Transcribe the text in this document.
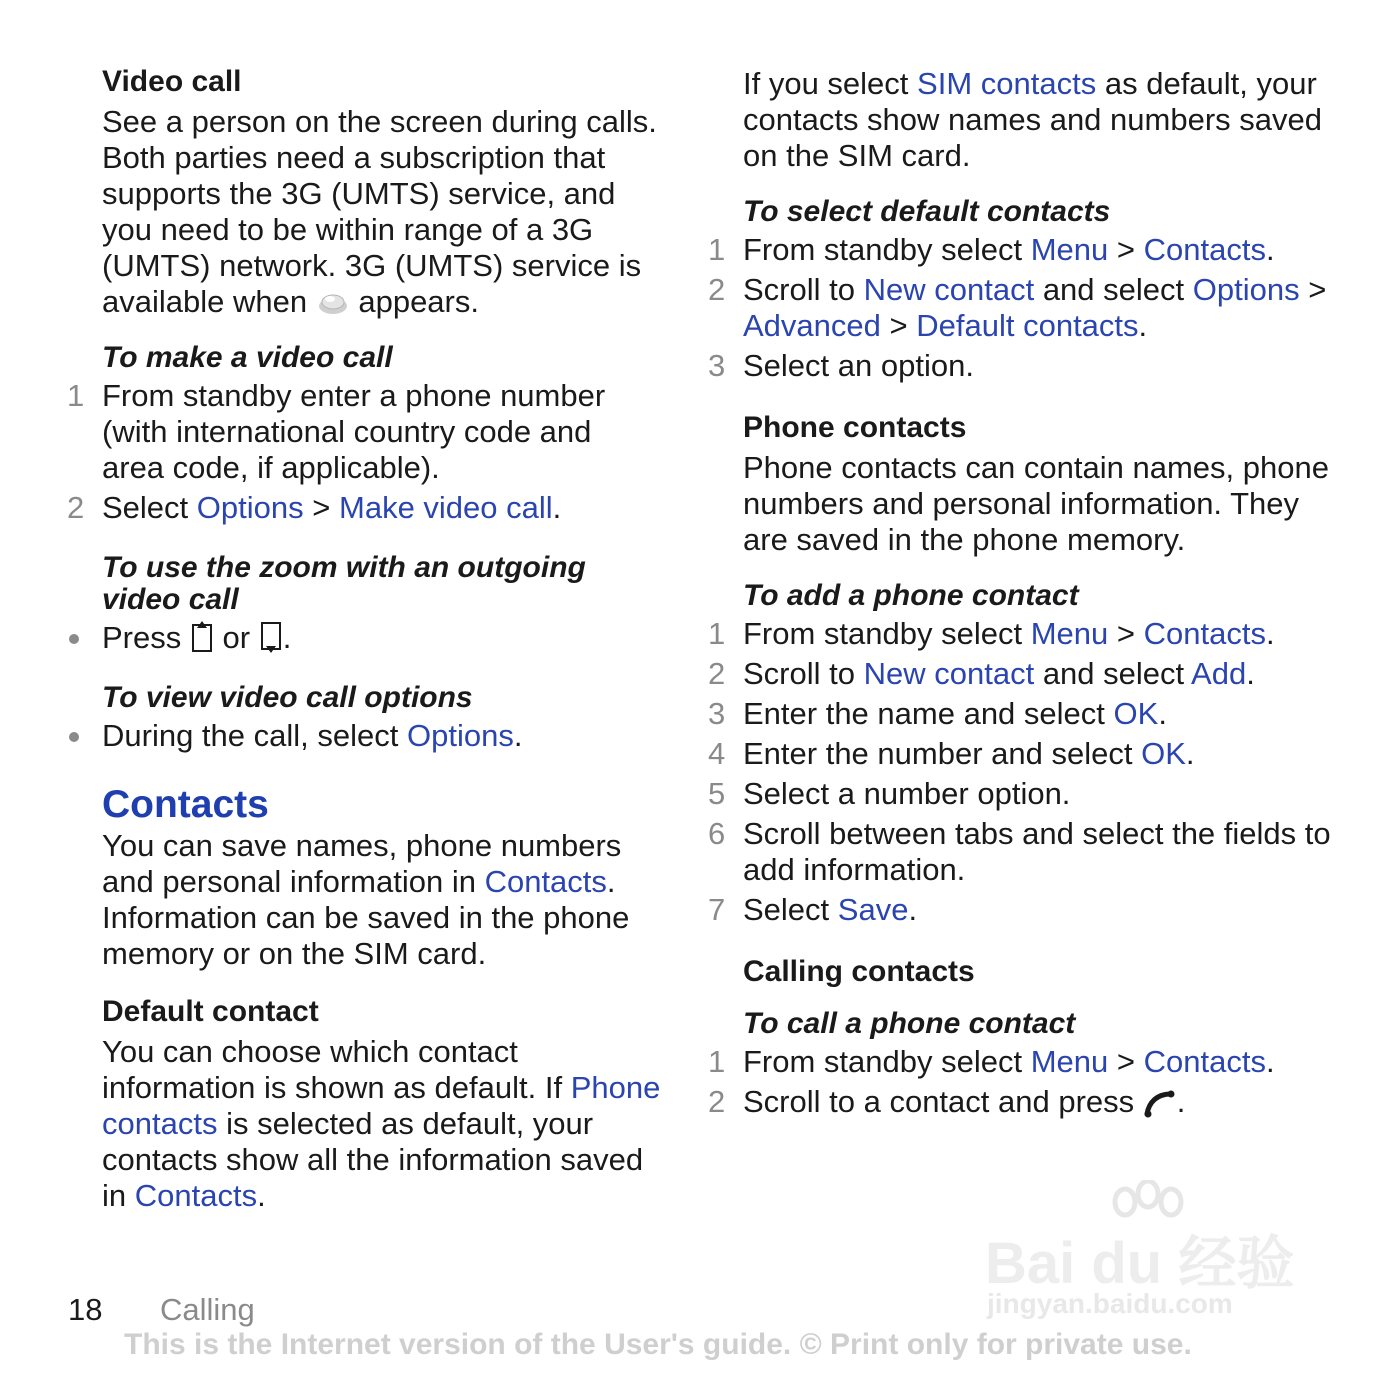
Video call

See a person on the screen during calls. Both parties need a subscription that supports the 3G (UMTS) service, and you need to be within range of a 3G (UMTS) network. 3G (UMTS) service is available when appears.

To make a video call

1 From standby enter a phone number (with international country code and area code, if applicable).
2 Select Options > Make video call.

To use the zoom with an outgoing video call

Press or .

To view video call options

During the call, select Options.

Contacts

You can save names, phone numbers and personal information in Contacts. Information can be saved in the phone memory or on the SIM card.

Default contact

You can choose which contact information is shown as default. If Phone contacts is selected as default, your contacts show all the information saved in Contacts.

If you select SIM contacts as default, your contacts show names and numbers saved on the SIM card.

To select default contacts

1 From standby select Menu > Contacts.
2 Scroll to New contact and select Options > Advanced > Default contacts.
3 Select an option.

Phone contacts

Phone contacts can contain names, phone numbers and personal information. They are saved in the phone memory.

To add a phone contact

1 From standby select Menu > Contacts.
2 Scroll to New contact and select Add.
3 Enter the name and select OK.
4 Enter the number and select OK.
5 Select a number option.
6 Scroll between tabs and select the fields to add information.
7 Select Save.

Calling contacts

To call a phone contact

1 From standby select Menu > Contacts.
2 Scroll to a contact and press .
Bai du 经验
jingyan.baidu.com
18 Calling
This is the Internet version of the User's guide. © Print only for private use.
